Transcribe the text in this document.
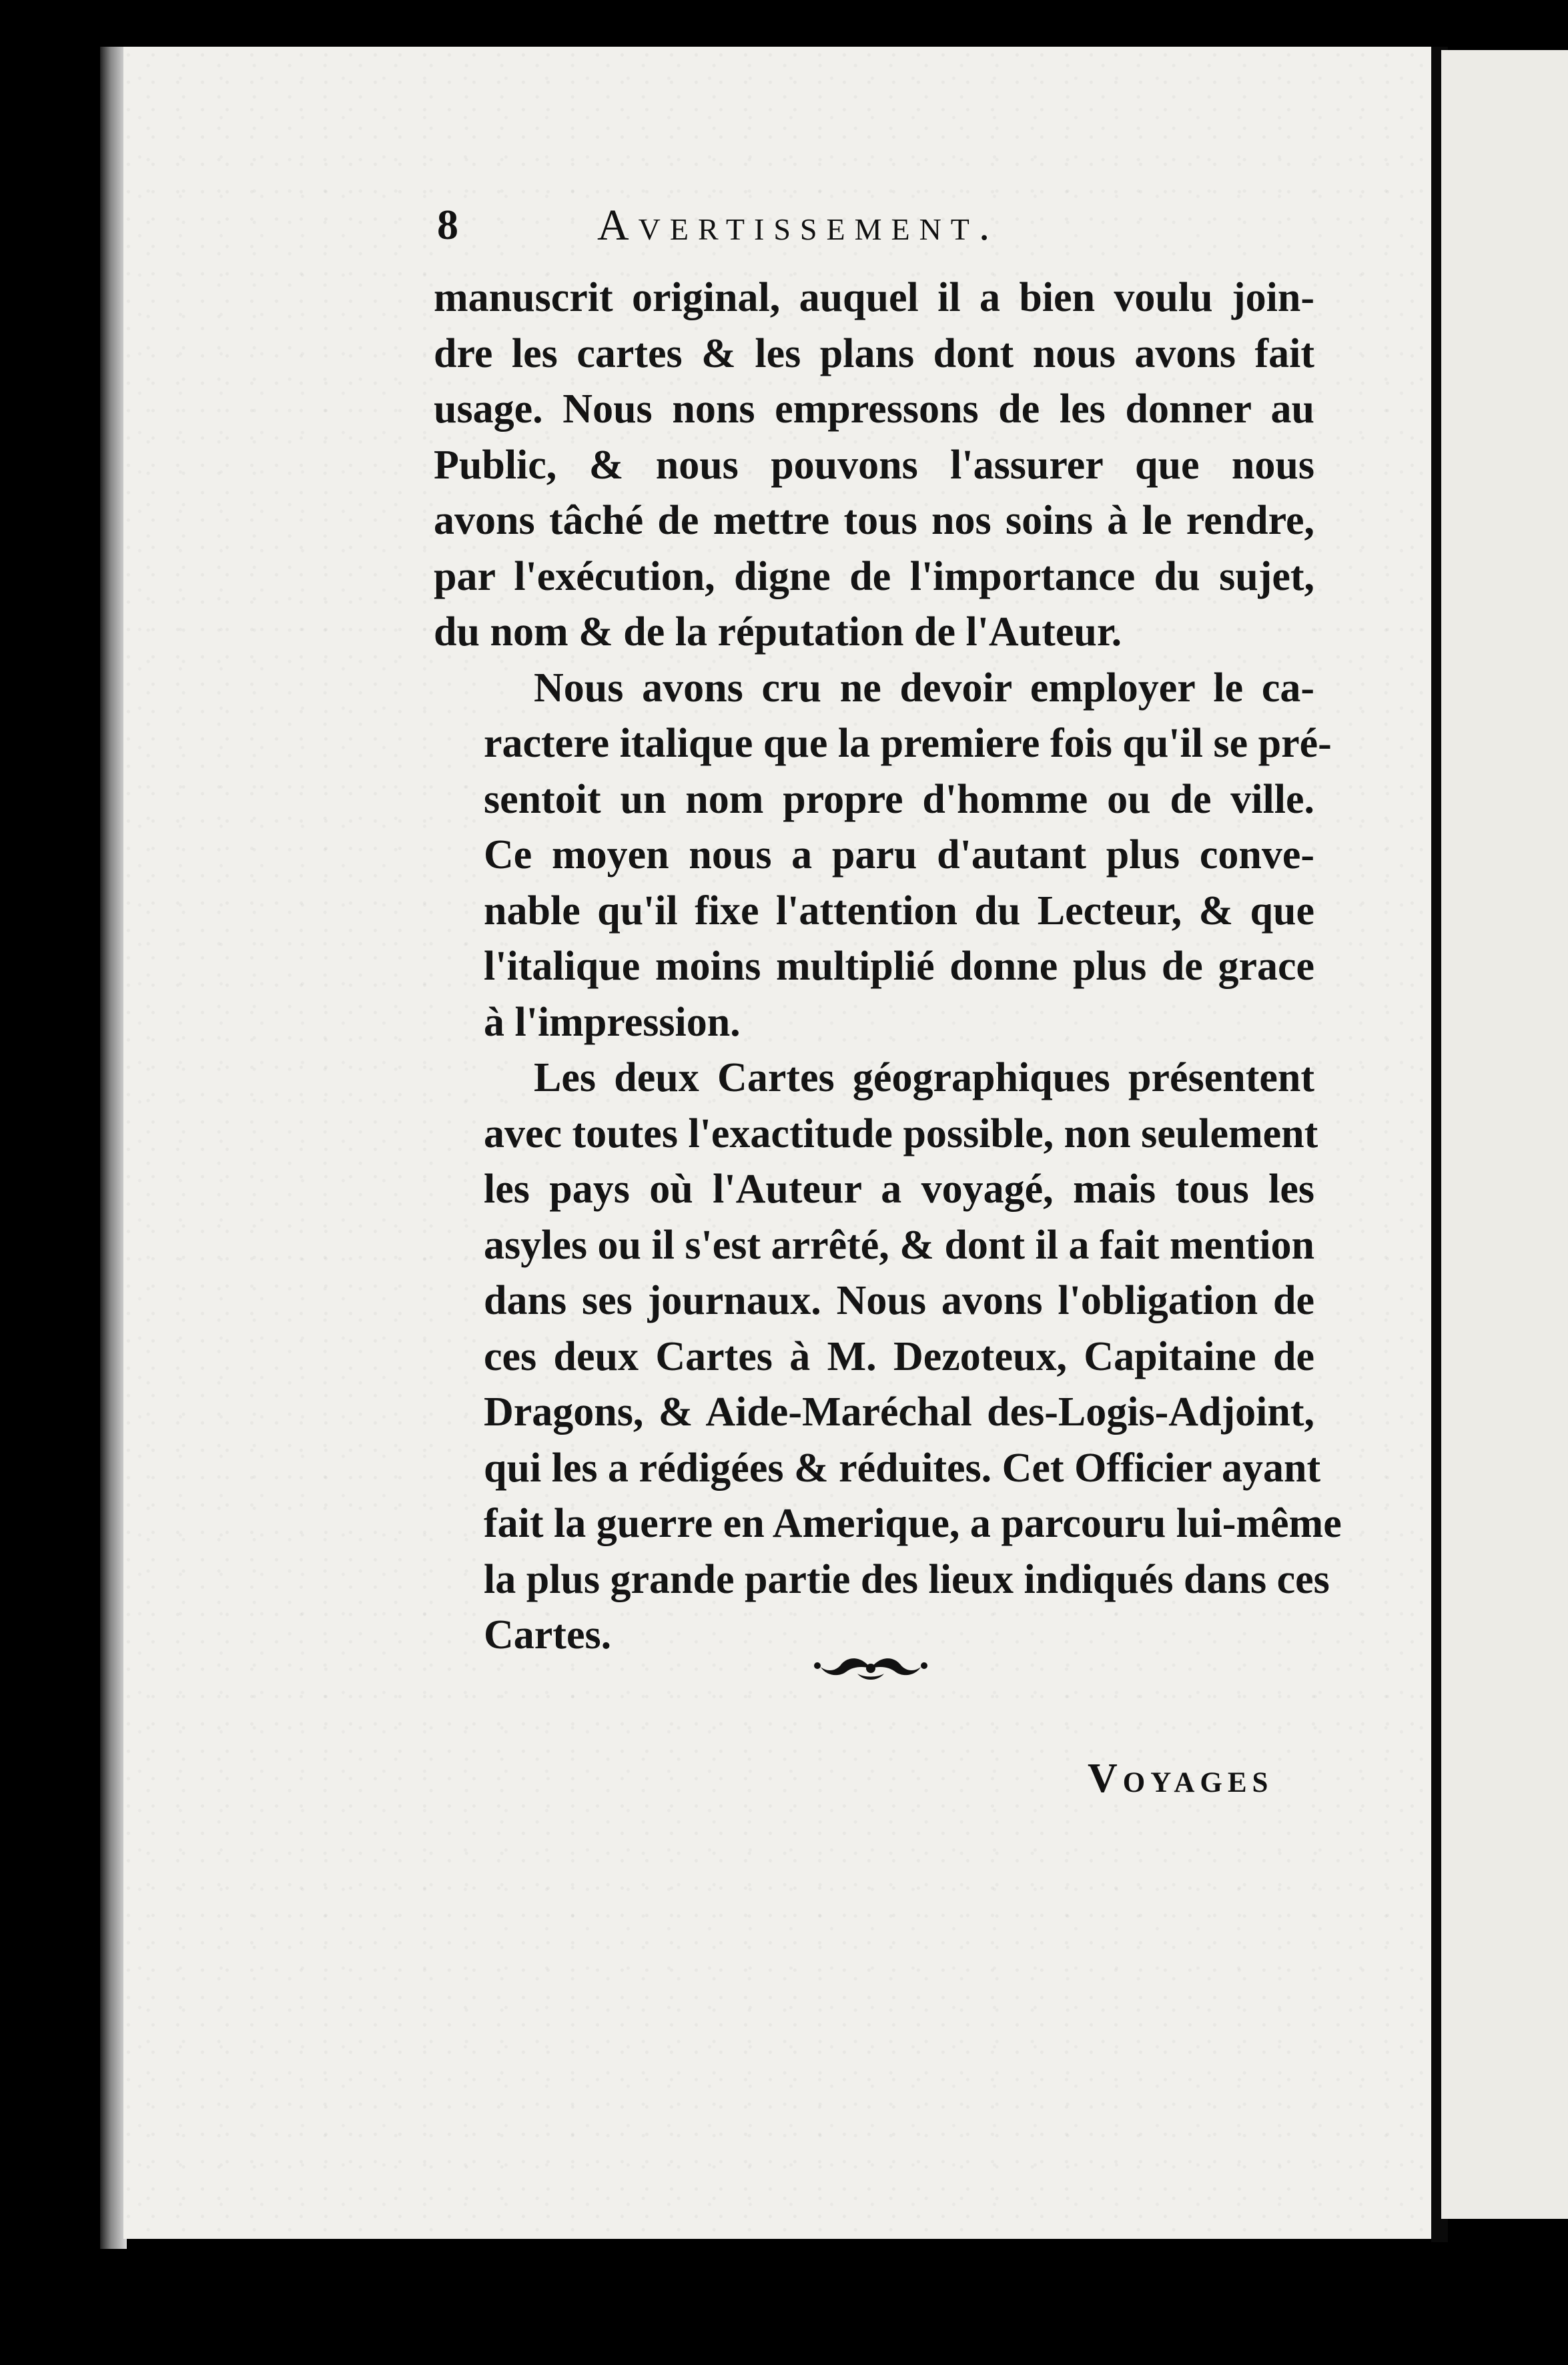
8	Avertissement.

manuscrit original, auquel il a bien voulu join-
dre les cartes & les plans dont nous avons fait
usage. Nous nons empressons de les donner au
Public, & nous pouvons l'assurer que nous
avons tâché de mettre tous nos soins à le rendre,
par l'exécution, digne de l'importance du sujet,
du nom & de la réputation de l'Auteur.

Nous avons cru ne devoir employer le ca-
ractere italique que la premiere fois qu'il se pré-
sentoit un nom propre d'homme ou de ville.
Ce moyen nous a paru d'autant plus conve-
nable qu'il fixe l'attention du Lecteur, & que
l'italique moins multiplié donne plus de grace
à l'impression.

Les deux Cartes géographiques présentent
avec toutes l'exactitude possible, non seulement
les pays où l'Auteur a voyagé, mais tous les
asyles ou il s'est arrêté, & dont il a fait mention
dans ses journaux. Nous avons l'obligation de
ces deux Cartes à M. Dezoteux, Capitaine de
Dragons, & Aide-Maréchal des-Logis-Adjoint,
qui les a rédigées & réduites. Cet Officier ayant
fait la guerre en Amerique, a parcouru lui-même
la plus grande partie des lieux indiqués dans ces
Cartes.

Voyages
